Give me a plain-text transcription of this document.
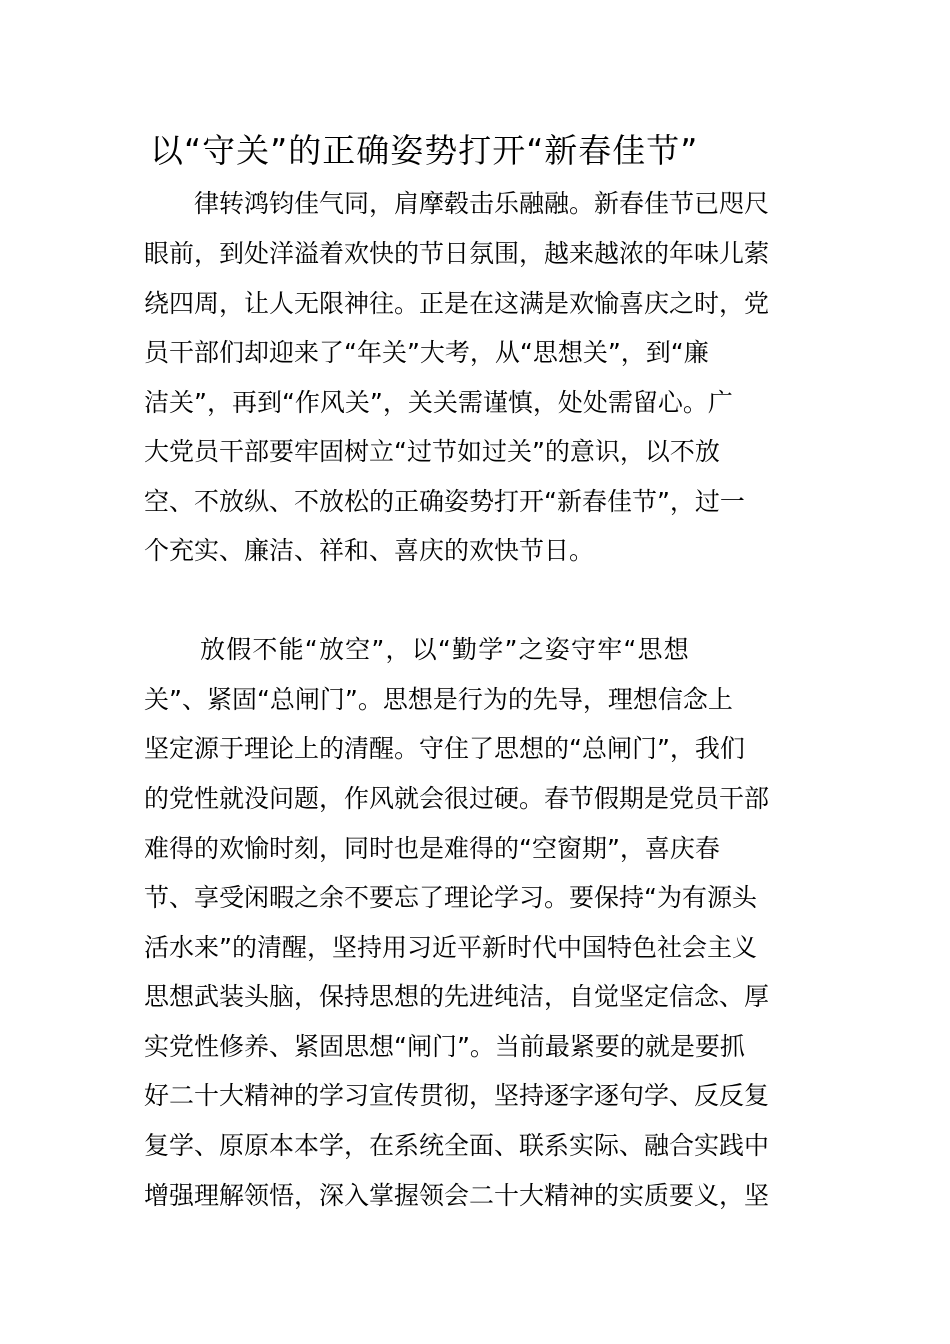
以“守关”的正确姿势打开“新春佳节”

律转鸿钧佳气同，肩摩毂击乐融融。新春佳节已咫尺

眼前，到处洋溢着欢快的节日氛围，越来越浓的年味儿萦

绕四周，让人无限神往。正是在这满是欢愉喜庆之时，党

员干部们却迎来了“年关”大考，从“思想关”，到“廉

洁关”，再到“作风关”，关关需谨慎，处处需留心。广

大党员干部要牢固树立“过节如过关”的意识，以不放

空、不放纵、不放松的正确姿势打开“新春佳节”，过一

个充实、廉洁、祥和、喜庆的欢快节日。

放假不能“放空”，以“勤学”之姿守牢“思想

关”、紧固“总闸门”。思想是行为的先导，理想信念上

坚定源于理论上的清醒。守住了思想的“总闸门”，我们

的党性就没问题，作风就会很过硬。春节假期是党员干部

难得的欢愉时刻，同时也是难得的“空窗期”，喜庆春

节、享受闲暇之余不要忘了理论学习。要保持“为有源头

活水来”的清醒，坚持用习近平新时代中国特色社会主义

思想武装头脑，保持思想的先进纯洁，自觉坚定信念、厚

实党性修养、紧固思想“闸门”。当前最紧要的就是要抓

好二十大精神的学习宣传贯彻，坚持逐字逐句学、反反复

复学、原原本本学，在系统全面、联系实际、融合实践中

增强理解领悟，深入掌握领会二十大精神的实质要义，坚
